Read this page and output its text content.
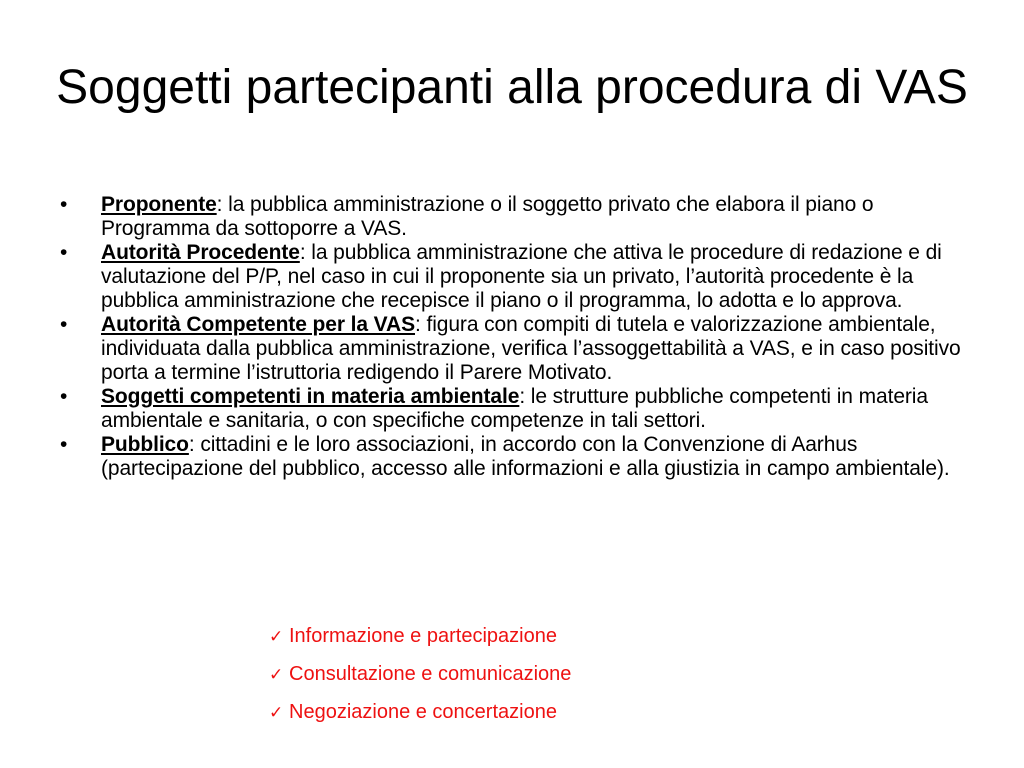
Soggetti partecipanti alla procedura di VAS
•	Proponente: la pubblica amministrazione o il soggetto privato che elabora il piano o Programma da sottoporre a VAS.
•	Autorità Procedente: la pubblica amministrazione che attiva le procedure di redazione e di valutazione del P/P, nel caso in cui il proponente sia un privato, l’autorità procedente è la pubblica amministrazione che recepisce il piano o il programma, lo adotta e lo approva.
•	Autorità Competente per la VAS: figura con compiti di tutela e valorizzazione ambientale, individuata dalla pubblica amministrazione, verifica l’assoggettabilità a VAS, e in caso positivo porta a termine l’istruttoria redigendo il Parere Motivato.
•	Soggetti competenti in materia ambientale: le strutture pubbliche competenti in materia ambientale e sanitaria, o con specifiche competenze in tali settori.
•	Pubblico: cittadini e le loro associazioni, in accordo con la Convenzione di Aarhus (partecipazione del pubblico, accesso alle informazioni e alla giustizia in campo ambientale).
✓ Informazione e partecipazione
✓ Consultazione e comunicazione
✓ Negoziazione e concertazione
